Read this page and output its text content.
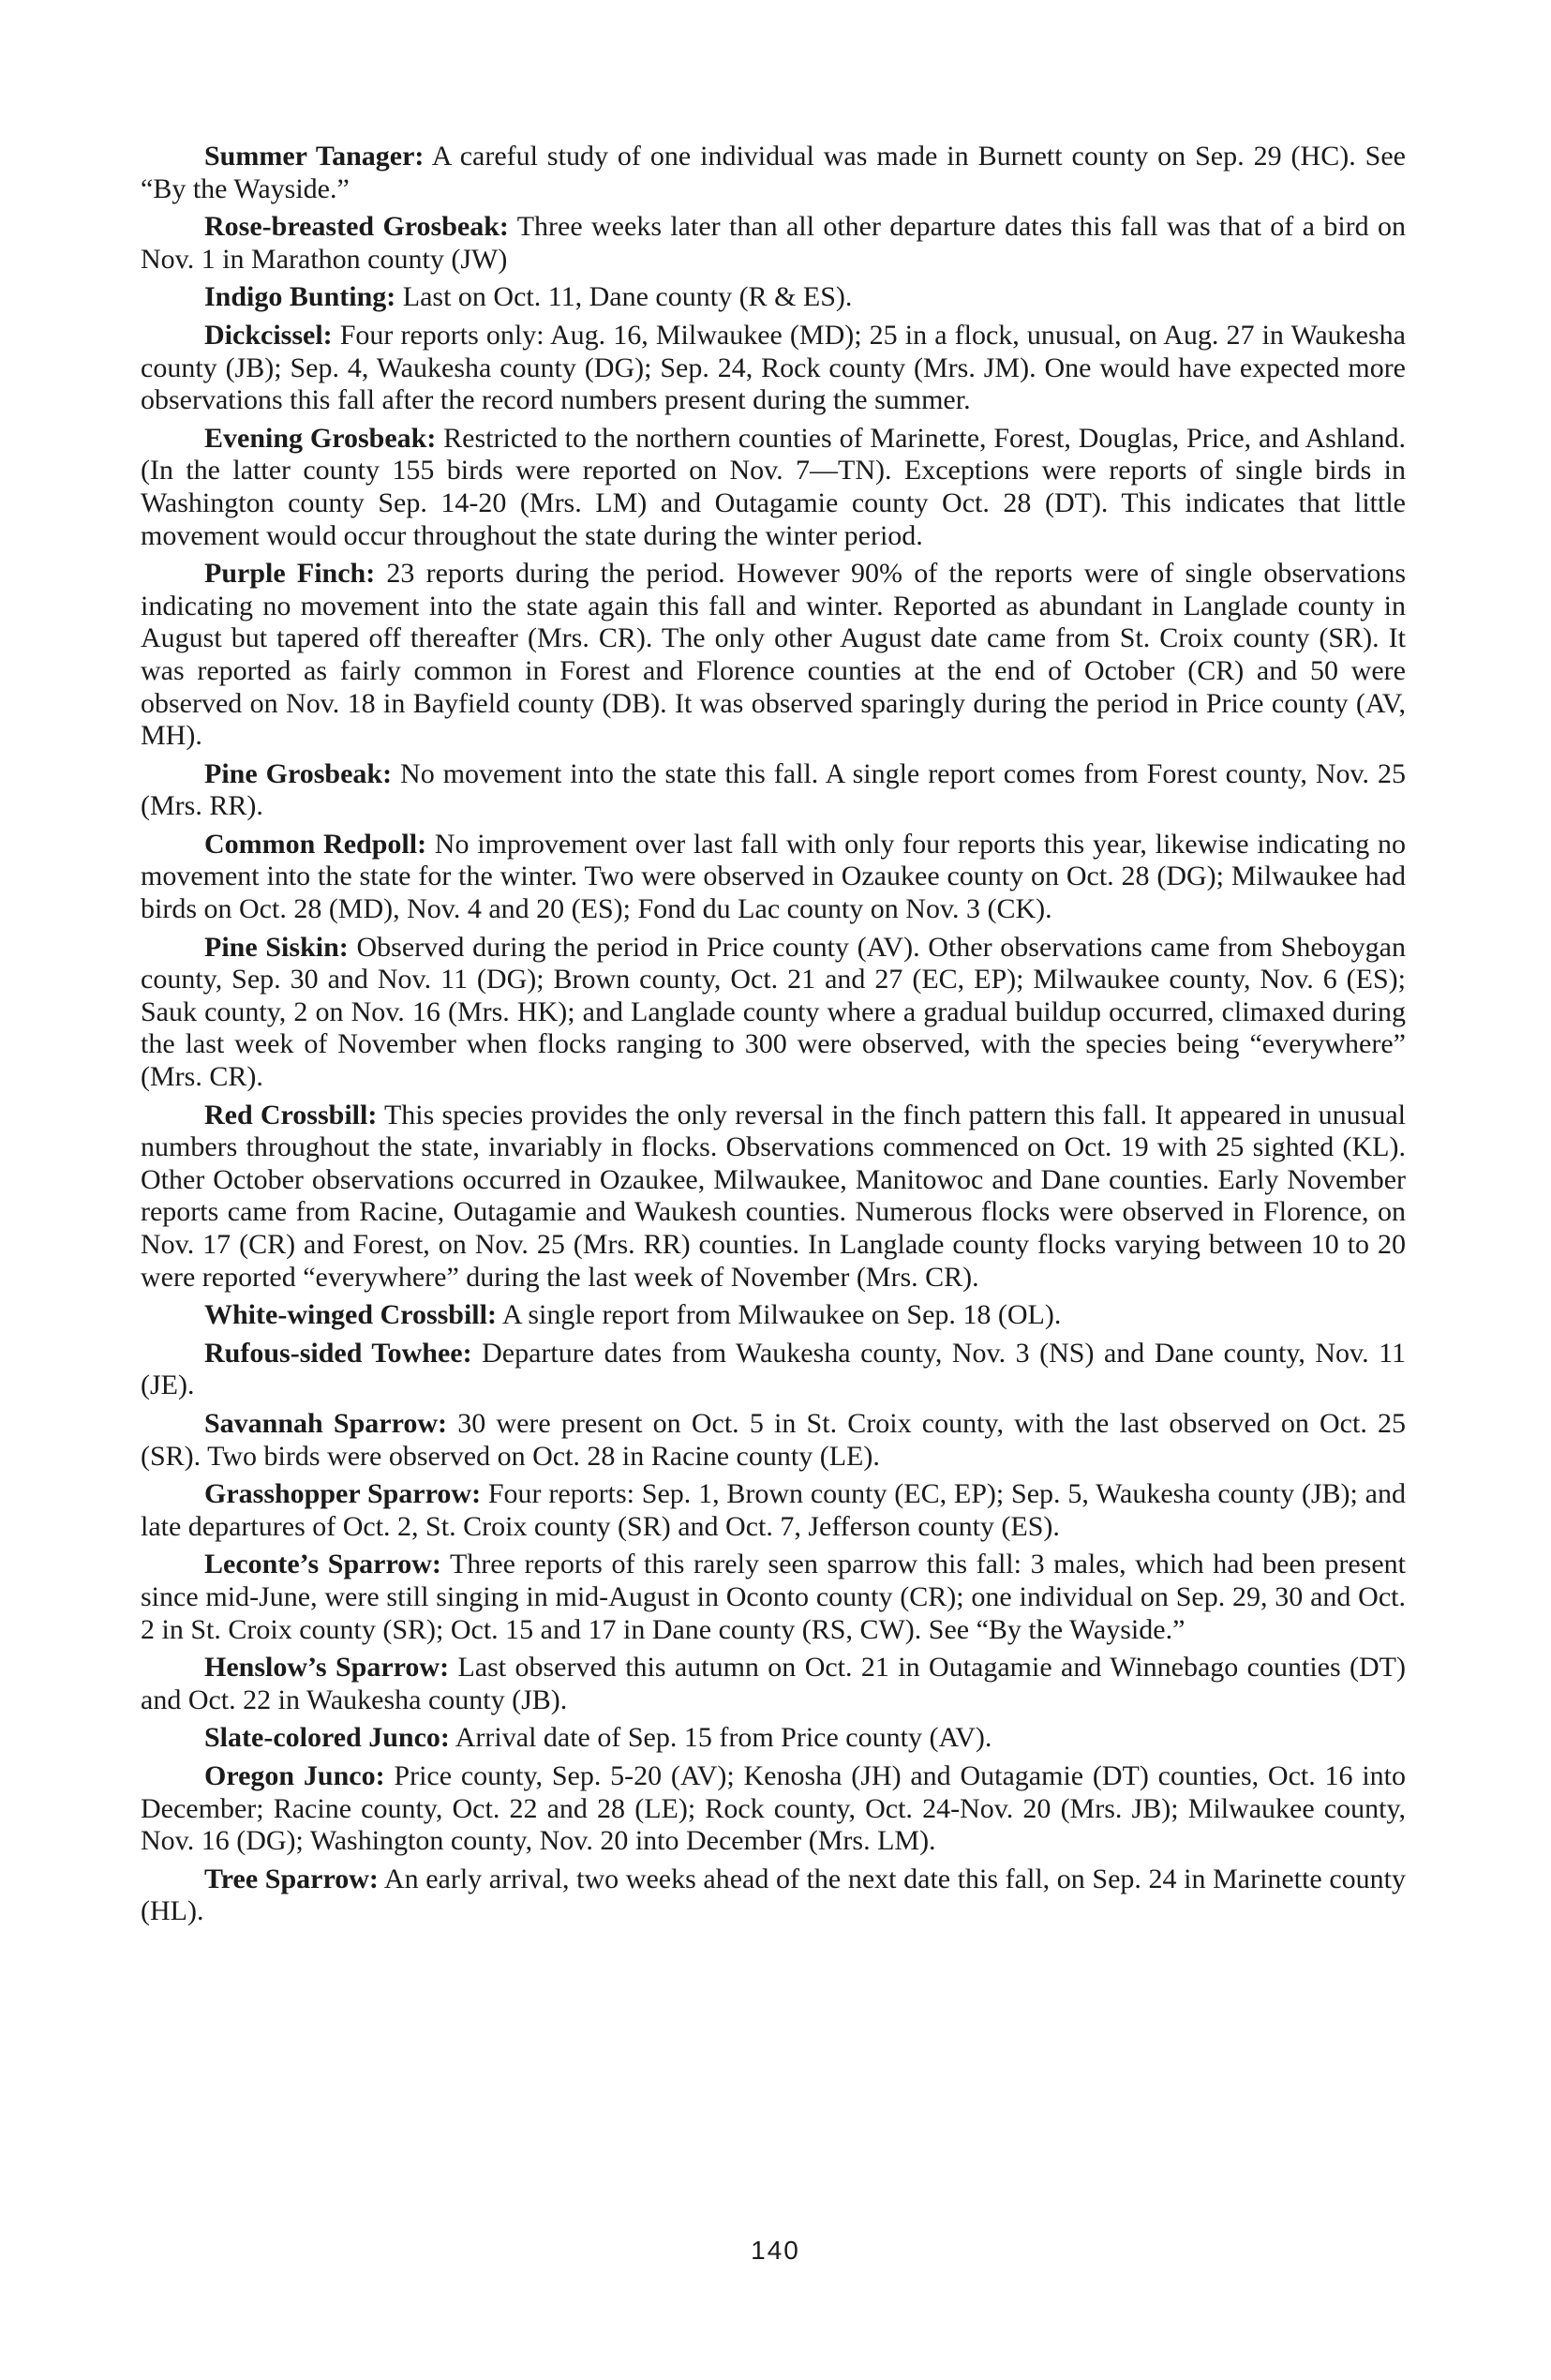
Summer Tanager: A careful study of one individual was made in Burnett county on Sep. 29 (HC). See “By the Wayside.”

Rose-breasted Grosbeak: Three weeks later than all other departure dates this fall was that of a bird on Nov. 1 in Marathon county (JW)

Indigo Bunting: Last on Oct. 11, Dane county (R & ES).

Dickcissel: Four reports only: Aug. 16, Milwaukee (MD); 25 in a flock, unusual, on Aug. 27 in Waukesha county (JB); Sep. 4, Waukesha county (DG); Sep. 24, Rock county (Mrs. JM). One would have expected more observations this fall after the record numbers present during the summer.

Evening Grosbeak: Restricted to the northern counties of Marinette, Forest, Douglas, Price, and Ashland. (In the latter county 155 birds were reported on Nov. 7—TN). Exceptions were reports of single birds in Washington county Sep. 14-20 (Mrs. LM) and Outagamie county Oct. 28 (DT). This indicates that little movement would occur throughout the state during the winter period.

Purple Finch: 23 reports during the period. However 90% of the reports were of single observations indicating no movement into the state again this fall and winter. Reported as abundant in Langlade county in August but tapered off thereafter (Mrs. CR). The only other August date came from St. Croix county (SR). It was reported as fairly common in Forest and Florence counties at the end of October (CR) and 50 were observed on Nov. 18 in Bayfield county (DB). It was observed sparingly during the period in Price county (AV, MH).

Pine Grosbeak: No movement into the state this fall. A single report comes from Forest county, Nov. 25 (Mrs. RR).

Common Redpoll: No improvement over last fall with only four reports this year, likewise indicating no movement into the state for the winter. Two were observed in Ozaukee county on Oct. 28 (DG); Milwaukee had birds on Oct. 28 (MD), Nov. 4 and 20 (ES); Fond du Lac county on Nov. 3 (CK).

Pine Siskin: Observed during the period in Price county (AV). Other observations came from Sheboygan county, Sep. 30 and Nov. 11 (DG); Brown county, Oct. 21 and 27 (EC, EP); Milwaukee county, Nov. 6 (ES); Sauk county, 2 on Nov. 16 (Mrs. HK); and Langlade county where a gradual buildup occurred, climaxed during the last week of November when flocks ranging to 300 were observed, with the species being “everywhere” (Mrs. CR).

Red Crossbill: This species provides the only reversal in the finch pattern this fall. It appeared in unusual numbers throughout the state, invariably in flocks. Observations commenced on Oct. 19 with 25 sighted (KL). Other October observations occurred in Ozaukee, Milwaukee, Manitowoc and Dane counties. Early November reports came from Racine, Outagamie and Waukesh counties. Numerous flocks were observed in Florence, on Nov. 17 (CR) and Forest, on Nov. 25 (Mrs. RR) counties. In Langlade county flocks varying between 10 to 20 were reported “everywhere” during the last week of November (Mrs. CR).

White-winged Crossbill: A single report from Milwaukee on Sep. 18 (OL).

Rufous-sided Towhee: Departure dates from Waukesha county, Nov. 3 (NS) and Dane county, Nov. 11 (JE).

Savannah Sparrow: 30 were present on Oct. 5 in St. Croix county, with the last observed on Oct. 25 (SR). Two birds were observed on Oct. 28 in Racine county (LE).

Grasshopper Sparrow: Four reports: Sep. 1, Brown county (EC, EP); Sep. 5, Waukesha county (JB); and late departures of Oct. 2, St. Croix county (SR) and Oct. 7, Jefferson county (ES).

Leconte’s Sparrow: Three reports of this rarely seen sparrow this fall: 3 males, which had been present since mid-June, were still singing in mid-August in Oconto county (CR); one individual on Sep. 29, 30 and Oct. 2 in St. Croix county (SR); Oct. 15 and 17 in Dane county (RS, CW). See “By the Wayside.”

Henslow’s Sparrow: Last observed this autumn on Oct. 21 in Outagamie and Winnebago counties (DT) and Oct. 22 in Waukesha county (JB).

Slate-colored Junco: Arrival date of Sep. 15 from Price county (AV).

Oregon Junco: Price county, Sep. 5-20 (AV); Kenosha (JH) and Outagamie (DT) counties, Oct. 16 into December; Racine county, Oct. 22 and 28 (LE); Rock county, Oct. 24-Nov. 20 (Mrs. JB); Milwaukee county, Nov. 16 (DG); Washington county, Nov. 20 into December (Mrs. LM).

Tree Sparrow: An early arrival, two weeks ahead of the next date this fall, on Sep. 24 in Marinette county (HL).

140
